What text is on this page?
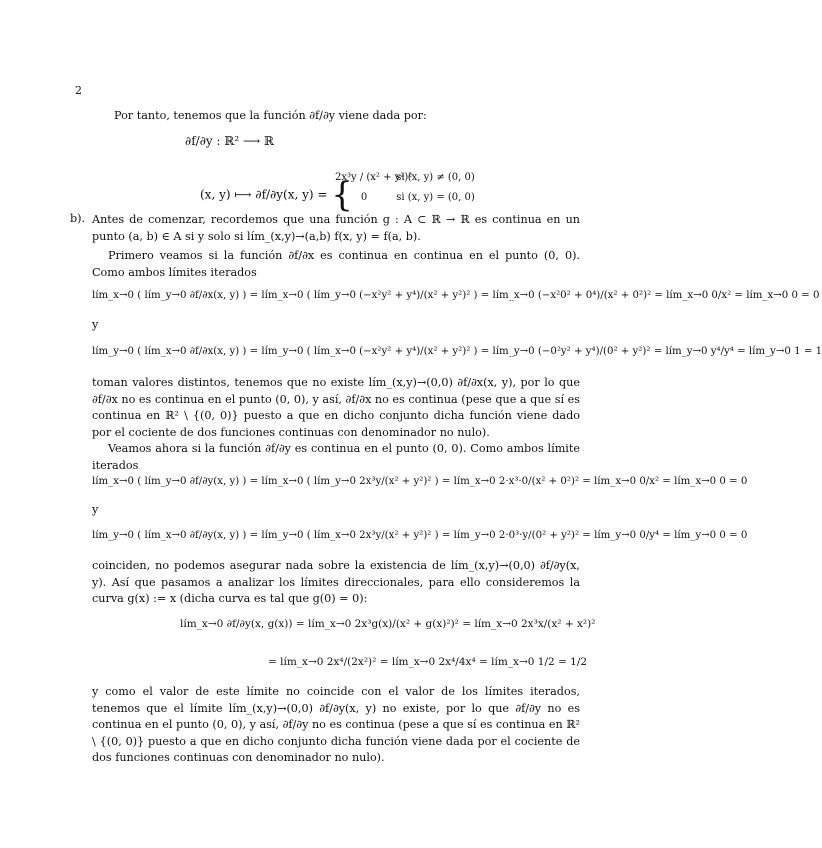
2
Por tanto, tenemos que la función ∂f/∂y viene dada por:
∂f/∂y : ℝ² ⟶ ℝ
(x, y) ⟼ ∂f/∂y(x, y) = {
2x³y / (x² + y²)² si (x, y) ≠ (0, 0)
0	si (x, y) = (0, 0)
b). Antes de comenzar, recordemos que una función g : A ⊂ ℝ → ℝ es continua en un punto (a, b) ∈ A si y solo si lím_(x,y)→(a,b) f(x, y) = f(a, b).
Primero veamos si la función ∂f/∂x es continua en continua en el punto (0, 0). Como ambos límites iterados
lím_x→0 ( lím_y→0 ∂f/∂x(x, y) ) = lím_x→0 ( lím_y→0 (−x²y² + y⁴)/(x² + y²)² ) = lím_x→0 (−x²0² + 0⁴)/(x² + 0²)² = lím_x→0 0/x² = lím_x→0 0 = 0
y
lím_y→0 ( lím_x→0 ∂f/∂x(x, y) ) = lím_y→0 ( lím_x→0 (−x²y² + y⁴)/(x² + y²)² ) = lím_y→0 (−0²y² + y⁴)/(0² + y²)² = lím_y→0 y⁴/y⁴ = lím_y→0 1 = 1
toman valores distintos, tenemos que no existe lím_(x,y)→(0,0) ∂f/∂x(x, y), por lo que ∂f/∂x no es continua en el punto (0, 0), y así, ∂f/∂x no es continua (pese que a que sí es continua en ℝ² \ {(0, 0)} puesto a que en dicho conjunto dicha función viene dado por el cociente de dos funciones continuas con denominador no nulo).
Veamos ahora si la función ∂f/∂y es continua en el punto (0, 0). Como ambos límite iterados
lím_x→0 ( lím_y→0 ∂f/∂y(x, y) ) = lím_x→0 ( lím_y→0 2x³y/(x² + y²)² ) = lím_x→0 2·x³·0/(x² + 0²)² = lím_x→0 0/x² = lím_x→0 0 = 0
y
lím_y→0 ( lím_x→0 ∂f/∂y(x, y) ) = lím_y→0 ( lím_x→0 2x³y/(x² + y²)² ) = lím_y→0 2·0³·y/(0² + y²)² = lím_y→0 0/y⁴ = lím_y→0 0 = 0
coinciden, no podemos asegurar nada sobre la existencia de lím_(x,y)→(0,0) ∂f/∂y(x, y). Así que pasamos a analizar los límites direccionales, para ello consideremos la curva g(x) := x (dicha curva es tal que g(0) = 0):
lím_x→0 ∂f/∂y(x, g(x)) = lím_x→0 2x³g(x)/(x² + g(x)²)² = lím_x→0 2x³x/(x² + x²)²
= lím_x→0 2x⁴/(2x²)² = lím_x→0 2x⁴/4x⁴ = lím_x→0 1/2 = 1/2
y como el valor de este límite no coincide con el valor de los límites iterados, tenemos que el límite lím_(x,y)→(0,0) ∂f/∂y(x, y) no existe, por lo que ∂f/∂y no es continua en el punto (0, 0), y así, ∂f/∂y no es continua (pese a que sí es continua en ℝ² \ {(0, 0)} puesto a que en dicho conjunto dicha función viene dada por el cociente de dos funciones continuas con denominador no nulo).
